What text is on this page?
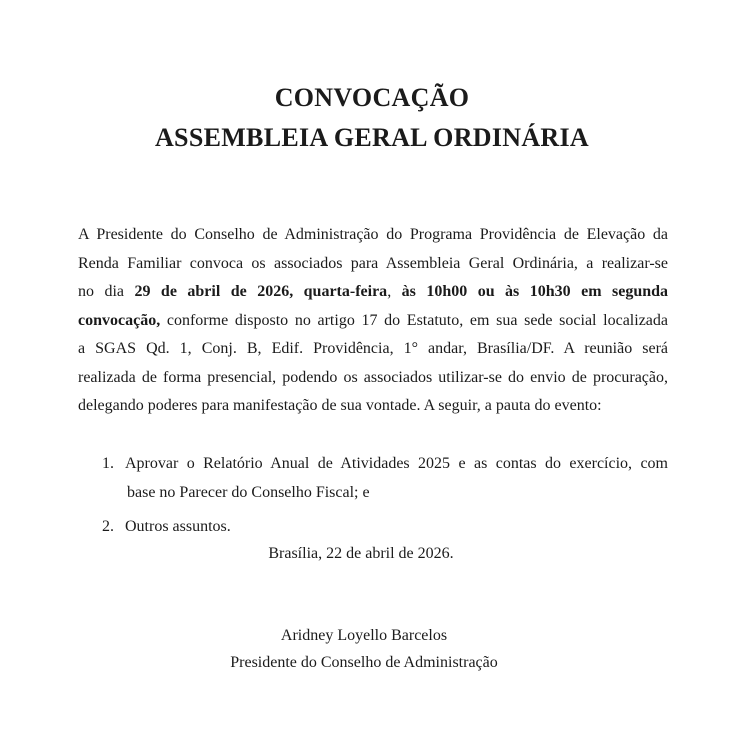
CONVOCAÇÃO
ASSEMBLEIA GERAL ORDINÁRIA
A Presidente do Conselho de Administração do Programa Providência de Elevação da
Renda Familiar convoca os associados para Assembleia Geral Ordinária, a realizar-se
no dia 29 de abril de 2026, quarta-feira, às 10h00 ou às 10h30 em segunda
convocação, conforme disposto no artigo 17 do Estatuto, em sua sede social localizada
a SGAS Qd. 1, Conj. B, Edif. Providência, 1° andar, Brasília/DF. A reunião será
realizada de forma presencial, podendo os associados utilizar-se do envio de procuração,
delegando poderes para manifestação de sua vontade. A seguir, a pauta do evento:
1. Aprovar o Relatório Anual de Atividades 2025 e as contas do exercício, com
base no Parecer do Conselho Fiscal; e
2. Outros assuntos.
Brasília, 22 de abril de 2026.
Aridney Loyello Barcelos
Presidente do Conselho de Administração
